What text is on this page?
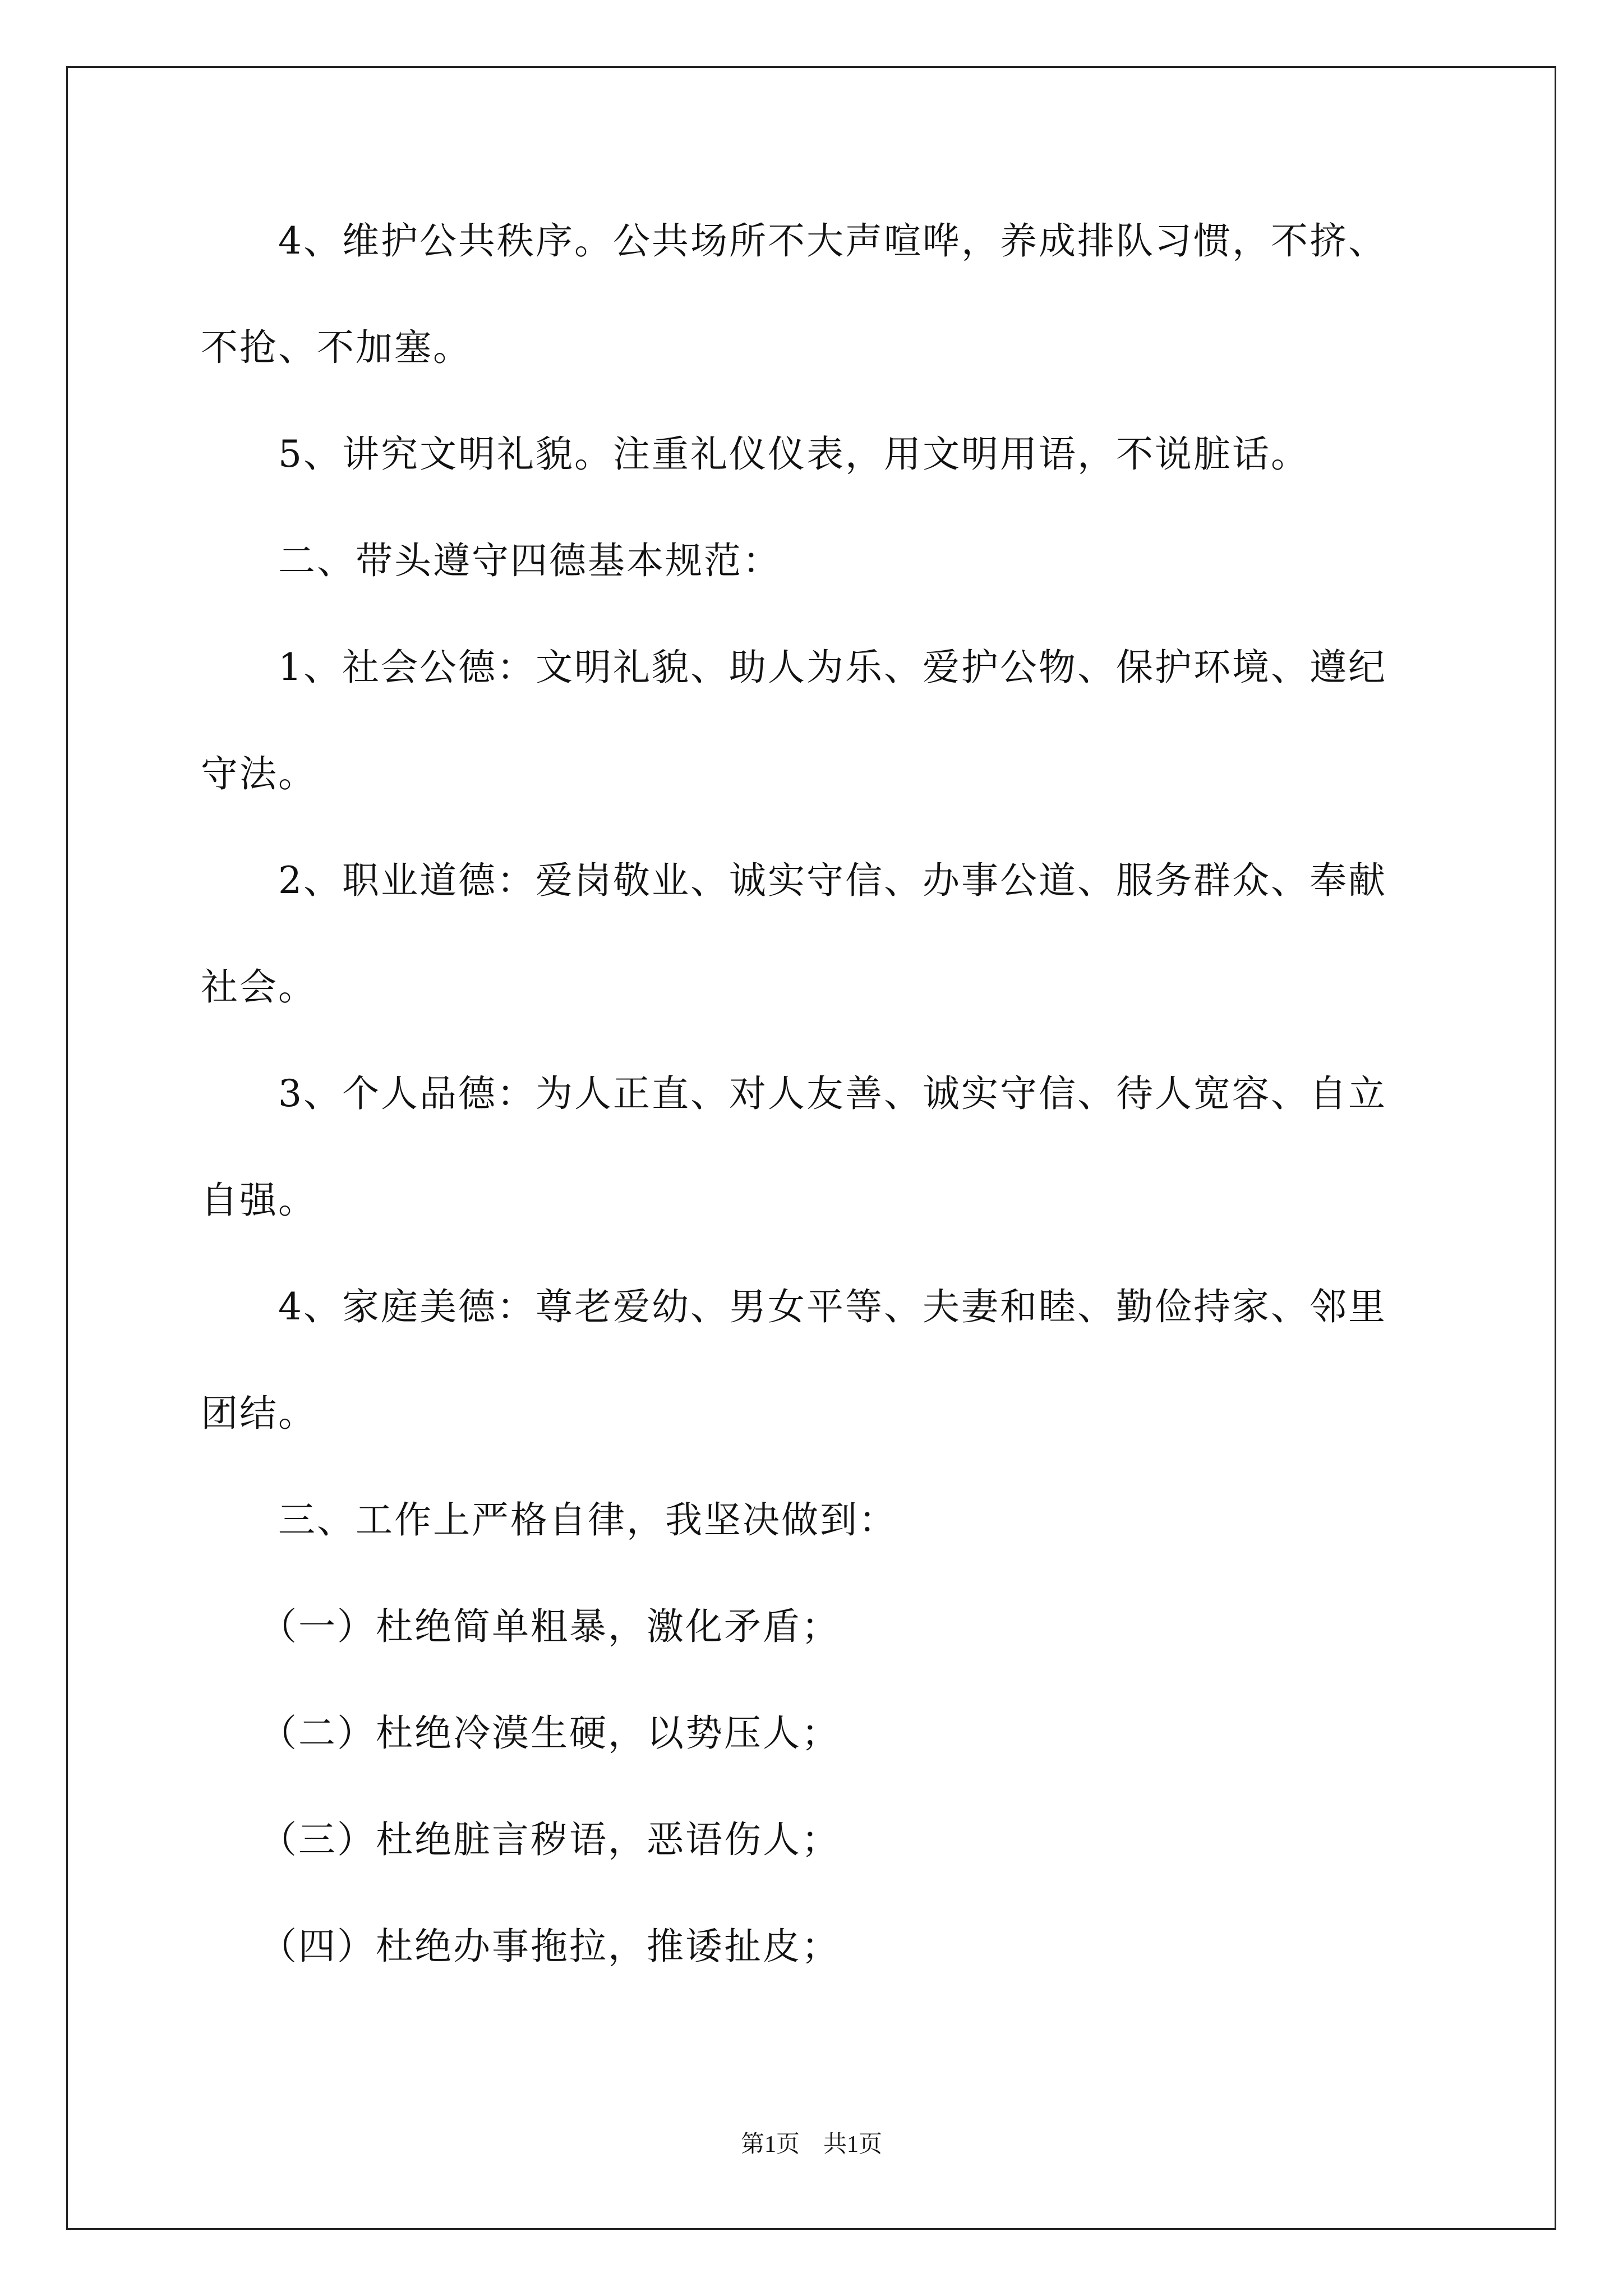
　　4、维护公共秩序。公共场所不大声喧哗，养成排队习惯，不挤、
不抢、不加塞。
　　5、讲究文明礼貌。注重礼仪仪表，用文明用语，不说脏话。
　　二、带头遵守四德基本规范：
　　1、社会公德：文明礼貌、助人为乐、爱护公物、保护环境、遵纪
守法。
　　2、职业道德：爱岗敬业、诚实守信、办事公道、服务群众、奉献
社会。
　　3、个人品德：为人正直、对人友善、诚实守信、待人宽容、自立
自强。
　　4、家庭美德：尊老爱幼、男女平等、夫妻和睦、勤俭持家、邻里
团结。
　　三、工作上严格自律，我坚决做到：
　　（一）杜绝简单粗暴，激化矛盾；
　　（二）杜绝冷漠生硬，以势压人；
　　（三）杜绝脏言秽语，恶语伤人；
　　（四）杜绝办事拖拉，推诿扯皮；
第1页　共1页
